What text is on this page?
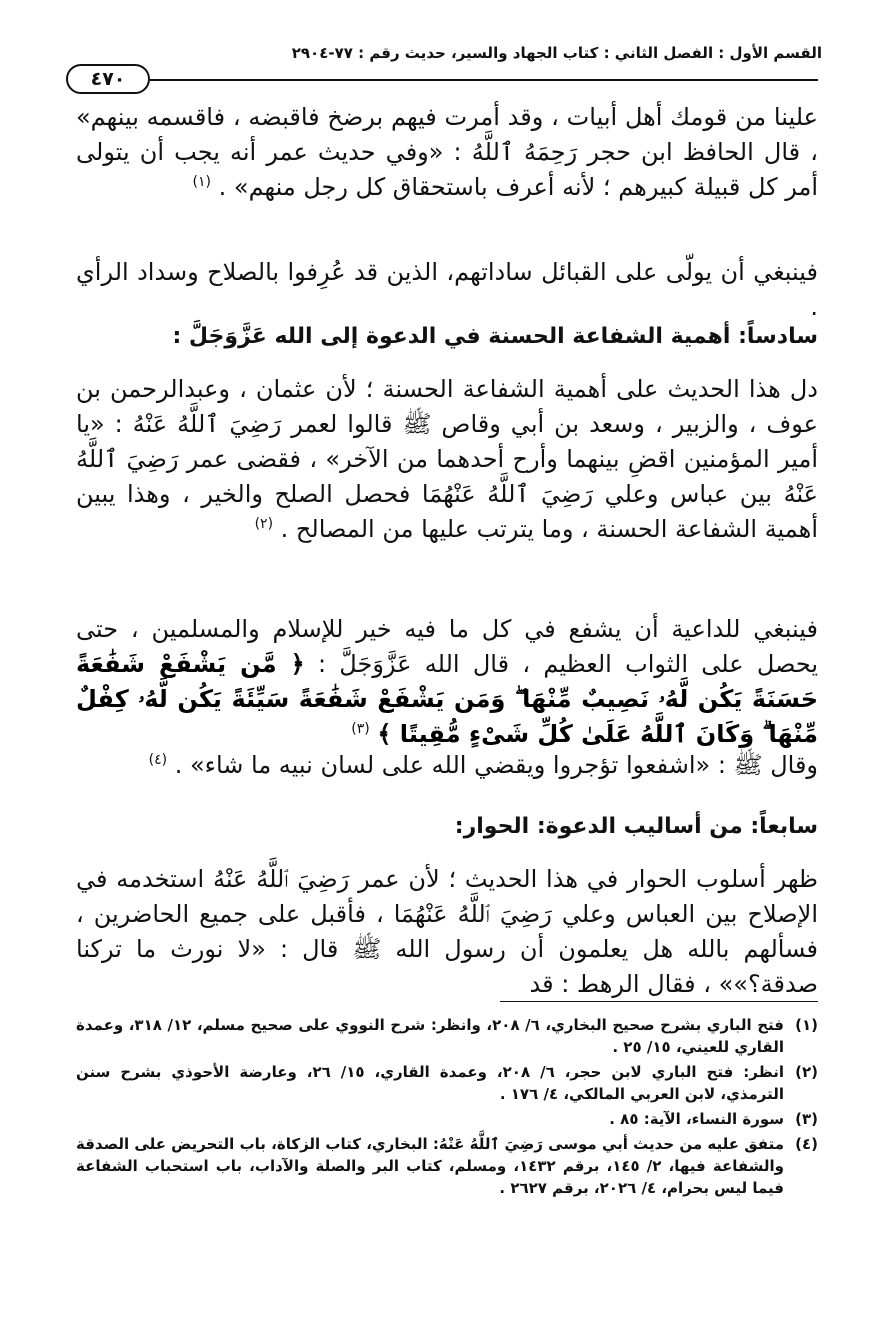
القسم الأول : الفصل الثاني : كتاب الجهاد والسير، حديث رقم : ٧٧-٢٩٠٤
٤٧٠

علينا من قومك أهل أبيات ، وقد أمرت فيهم برضخ فاقبضه ، فاقسمه بينهم» ، قال الحافظ ابن حجر رَحِمَهُ ٱللَّهُ : «وفي حديث عمر أنه يجب أن يتولى أمر كل قبيلة كبيرهم ؛ لأنه أعرف باستحقاق كل رجل منهم» . $^{(١)}$

فينبغي أن يولّى على القبائل ساداتهم، الذين قد عُرِفوا بالصلاح وسداد الرأي .

سادساً: أهمية الشفاعة الحسنة في الدعوة إلى الله عَزَّوَجَلَّ :

دل هذا الحديث على أهمية الشفاعة الحسنة ؛ لأن عثمان ، وعبدالرحمن بن عوف ، والزبير ، وسعد بن أبي وقاص ﷺ قالوا لعمر رَضِيَ ٱللَّهُ عَنْهُ : «يا أمير المؤمنين اقضِ بينهما وأرح أحدهما من الآخر» ، فقضى عمر رَضِيَ ٱللَّهُ عَنْهُ بين عباس وعلي رَضِيَ ٱللَّهُ عَنْهُمَا فحصل الصلح والخير ، وهذا يبين أهمية الشفاعة الحسنة ، وما يترتب عليها من المصالح . $^{(٢)}$

فينبغي للداعية أن يشفع في كل ما فيه خير للإسلام والمسلمين ، حتى يحصل على الثواب العظيم ، قال الله عَزَّوَجَلَّ : ﴿ مَّن يَشْفَعْ شَفَٰعَةً حَسَنَةً يَكُن لَّهُۥ نَصِيبٌ مِّنْهَا ۖ وَمَن يَشْفَعْ شَفَٰعَةً سَيِّئَةً يَكُن لَّهُۥ كِفْلٌ مِّنْهَا ۗ وَكَانَ ٱللَّهُ عَلَىٰ كُلِّ شَىْءٍ مُّقِيتًا ﴾ $^{(٣)}$

وقال ﷺ : «اشفعوا تؤجروا ويقضي الله على لسان نبيه ما شاء» . $^{(٤)}$

سابعاً: من أساليب الدعوة: الحوار:

ظهر أسلوب الحوار في هذا الحديث ؛ لأن عمر رَضِيَ ٱللَّهُ عَنْهُ استخدمه في الإصلاح بين العباس وعلي رَضِيَ ٱللَّهُ عَنْهُمَا ، فأقبل على جميع الحاضرين ، فسألهم بالله هل يعلمون أن رسول الله ﷺ قال : «لا نورث ما تركنا صدقة؟»» ، فقال الرهط : قد

(١)
فتح الباري بشرح صحيح البخاري، ٦/ ٢٠٨، وانظر: شرح النووي على صحيح مسلم، ١٢/ ٣١٨، وعمدة القاري للعيني، ١٥/ ٢٥ .
(٢)
انظر: فتح الباري لابن حجر، ٦/ ٢٠٨، وعمدة القاري، ١٥/ ٢٦، وعارضة الأحوذي بشرح سنن الترمذي، لابن العربي المالكي، ٤/ ١٧٦ .
(٣)
سورة النساء، الآية: ٨٥ .
(٤)
متفق عليه من حديث أبي موسى رَضِيَ ٱللَّهُ عَنْهُ: البخاري، كتاب الزكاة، باب التحريض على الصدقة والشفاعة فيها، ٢/ ١٤٥، برقم ١٤٣٢، ومسلم، كتاب البر والصلة والآداب، باب استحباب الشفاعة فيما ليس بحرام، ٤/ ٢٠٢٦، برقم ٢٦٢٧ .
